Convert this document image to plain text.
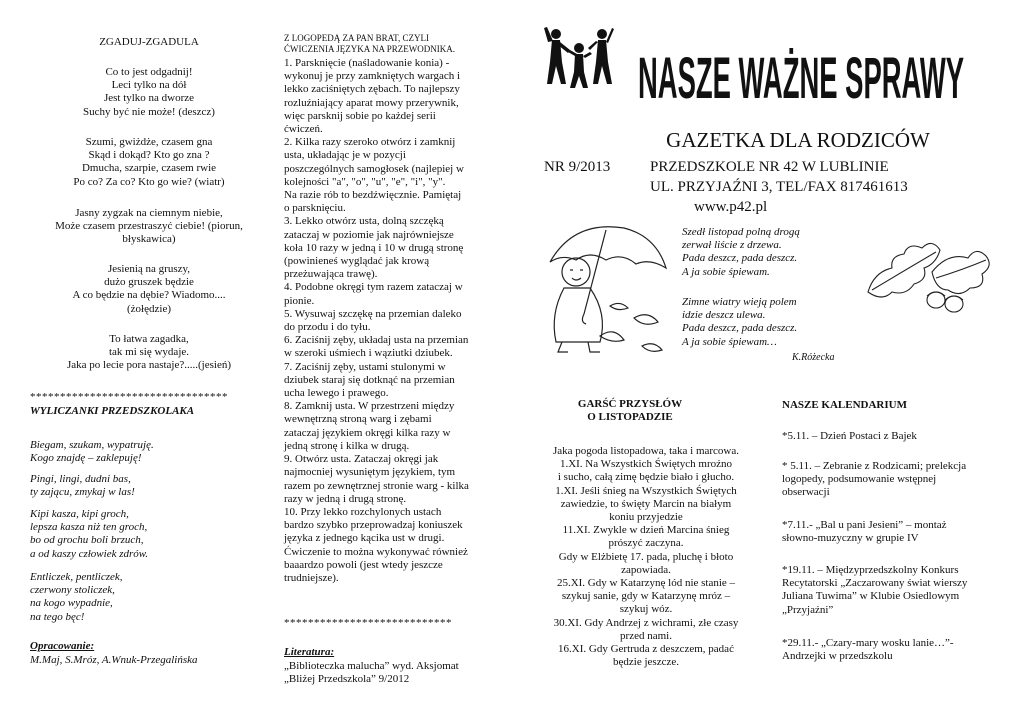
ZGADUJ-ZGADULA
Co to jest odgadnij!
Leci tylko na dół
Jest tylko na dworze
Suchy być nie może! (deszcz)
Szumi, gwiżdże, czasem gna
Skąd i dokąd? Kto go zna ?
Dmucha, szarpie, czasem rwie
Po co? Za co? Kto go wie? (wiatr)
Jasny zygzak na ciemnym niebie,
Może czasem przestraszyć ciebie! (piorun,
błyskawica)
Jesienią na gruszy,
dużo gruszek będzie
A co będzie na dębie? Wiadomo....
(żołędzie)
To łatwa zagadka,
tak mi się wydaje.
Jaka po lecie pora nastaje?.....(jesień)
*********************************
WYLICZANKI PRZEDSZKOLAKA
Biegam, szukam, wypatruję.
Kogo znajdę – zaklepuję!
Pingi, lingi, dudni bas,
ty zającu, zmykaj w las!
Kipi kasza, kipi groch,
lepsza kasza niż ten groch,
bo od grochu boli brzuch,
a od kaszy człowiek zdrów.
Entliczek, pentliczek,
czerwony stoliczek,
na kogo wypadnie,
na tego bęc!
Opracowanie:
M.Maj, S.Mróz, A.Wnuk-Przegalińska
Z LOGOPEDĄ ZA PAN BRAT, CZYLI
ĆWICZENIA JĘZYKA NA PRZEWODNIKA.
1. Parsknięcie (naśladowanie konia) -
wykonuj je przy zamkniętych wargach i
lekko zaciśniętych zębach. To najlepszy
rozluźniający aparat mowy przerywnik,
więc parsknij sobie po każdej serii
ćwiczeń.
2. Kilka razy szeroko otwórz i zamknij
usta, układając je w pozycji
poszczególnych samogłosek (najlepiej w
kolejności "a", "o", "u", "e", "i", "y".
Na razie rób to bezdźwięcznie. Pamiętaj
o parsknięciu.
3. Lekko otwórz usta, dolną szczęką
zataczaj w poziomie jak najrówniejsze
koła 10 razy w jedną i 10 w drugą stronę
(powinieneś wyglądać jak krową
przeżuwająca trawę).
4. Podobne okręgi tym razem zataczaj w
pionie.
5. Wysuwaj szczękę na przemian daleko
do przodu i do tyłu.
6. Zaciśnij zęby, układaj usta na przemian
w szeroki uśmiech i wąziutki dziubek.
7. Zaciśnij zęby, ustami stulonymi w
dziubek staraj się dotknąć na przemian
ucha lewego i prawego.
8. Zamknij usta. W przestrzeni między
wewnętrzną stroną warg i zębami
zataczaj językiem okręgi kilka razy w
jedną stronę i kilka w drugą.
9. Otwórz usta. Zataczaj okręgi jak
najmocniej wysuniętym językiem, tym
razem po zewnętrznej stronie warg - kilka
razy w jedną i drugą stronę.
10. Przy lekko rozchylonych ustach
bardzo szybko przeprowadzaj koniuszek
języka z jednego kącika ust w drugi.
Ćwiczenie to można wykonywać również
baaardzo powoli (jest wtedy jeszcze
trudniejsze).
****************************
Literatura:
„Biblioteczka malucha” wyd. Aksjomat
„Bliżej Przedszkola” 9/2012
NASZE WAŻNE SPRAWY
GAZETKA DLA RODZICÓW
NR 9/2013	PRZEDSZKOLE NR 42 W LUBLINIE
UL. PRZYJAŹNI 3, TEL/FAX 817461613
www.p42.pl
Szedł listopad polną drogą
zerwał liście z drzewa.
Pada deszcz, pada deszcz.
A ja sobie śpiewam.
Zimne wiatry wieją polem
idzie deszcz ulewa.
Pada deszcz, pada deszcz.
A ja sobie śpiewam…
K.Różecka
GARŚĆ PRZYSŁÓW
O LISTOPADZIE
Jaka pogoda listopadowa, taka i marcowa.
1.XI. Na Wszystkich Świętych mroźno
i sucho, całą zimę będzie biało i głucho.
1.XI. Jeśli śnieg na Wszystkich Świętych
zawiedzie, to święty Marcin na białym
koniu przyjedzie
11.XI. Zwykle w dzień Marcina śnieg
prószyć zaczyna.
Gdy w Elżbietę 17. pada, pluchę i błoto
zapowiada.
25.XI. Gdy w Katarzynę lód nie stanie –
szykuj sanie, gdy w Katarzynę mróz –
szykuj wóz.
30.XI. Gdy Andrzej z wichrami, złe czasy
przed nami.
16.XI. Gdy Gertruda z deszczem, padać
będzie jeszcze.
NASZE KALENDARIUM
*5.11. – Dzień Postaci z Bajek
* 5.11. – Zebranie z Rodzicami; prelekcja
logopedy, podsumowanie wstępnej
obserwacji
*7.11.- „Bal u pani Jesieni” – montaż
słowno-muzyczny w grupie IV
*19.11. – Międzyprzedszkolny Konkurs
Recytatorski „Zaczarowany świat wierszy
Juliana Tuwima” w Klubie Osiedlowym
„Przyjaźni”
*29.11.- „Czary-mary wosku lanie…”-
Andrzejki w przedszkolu
